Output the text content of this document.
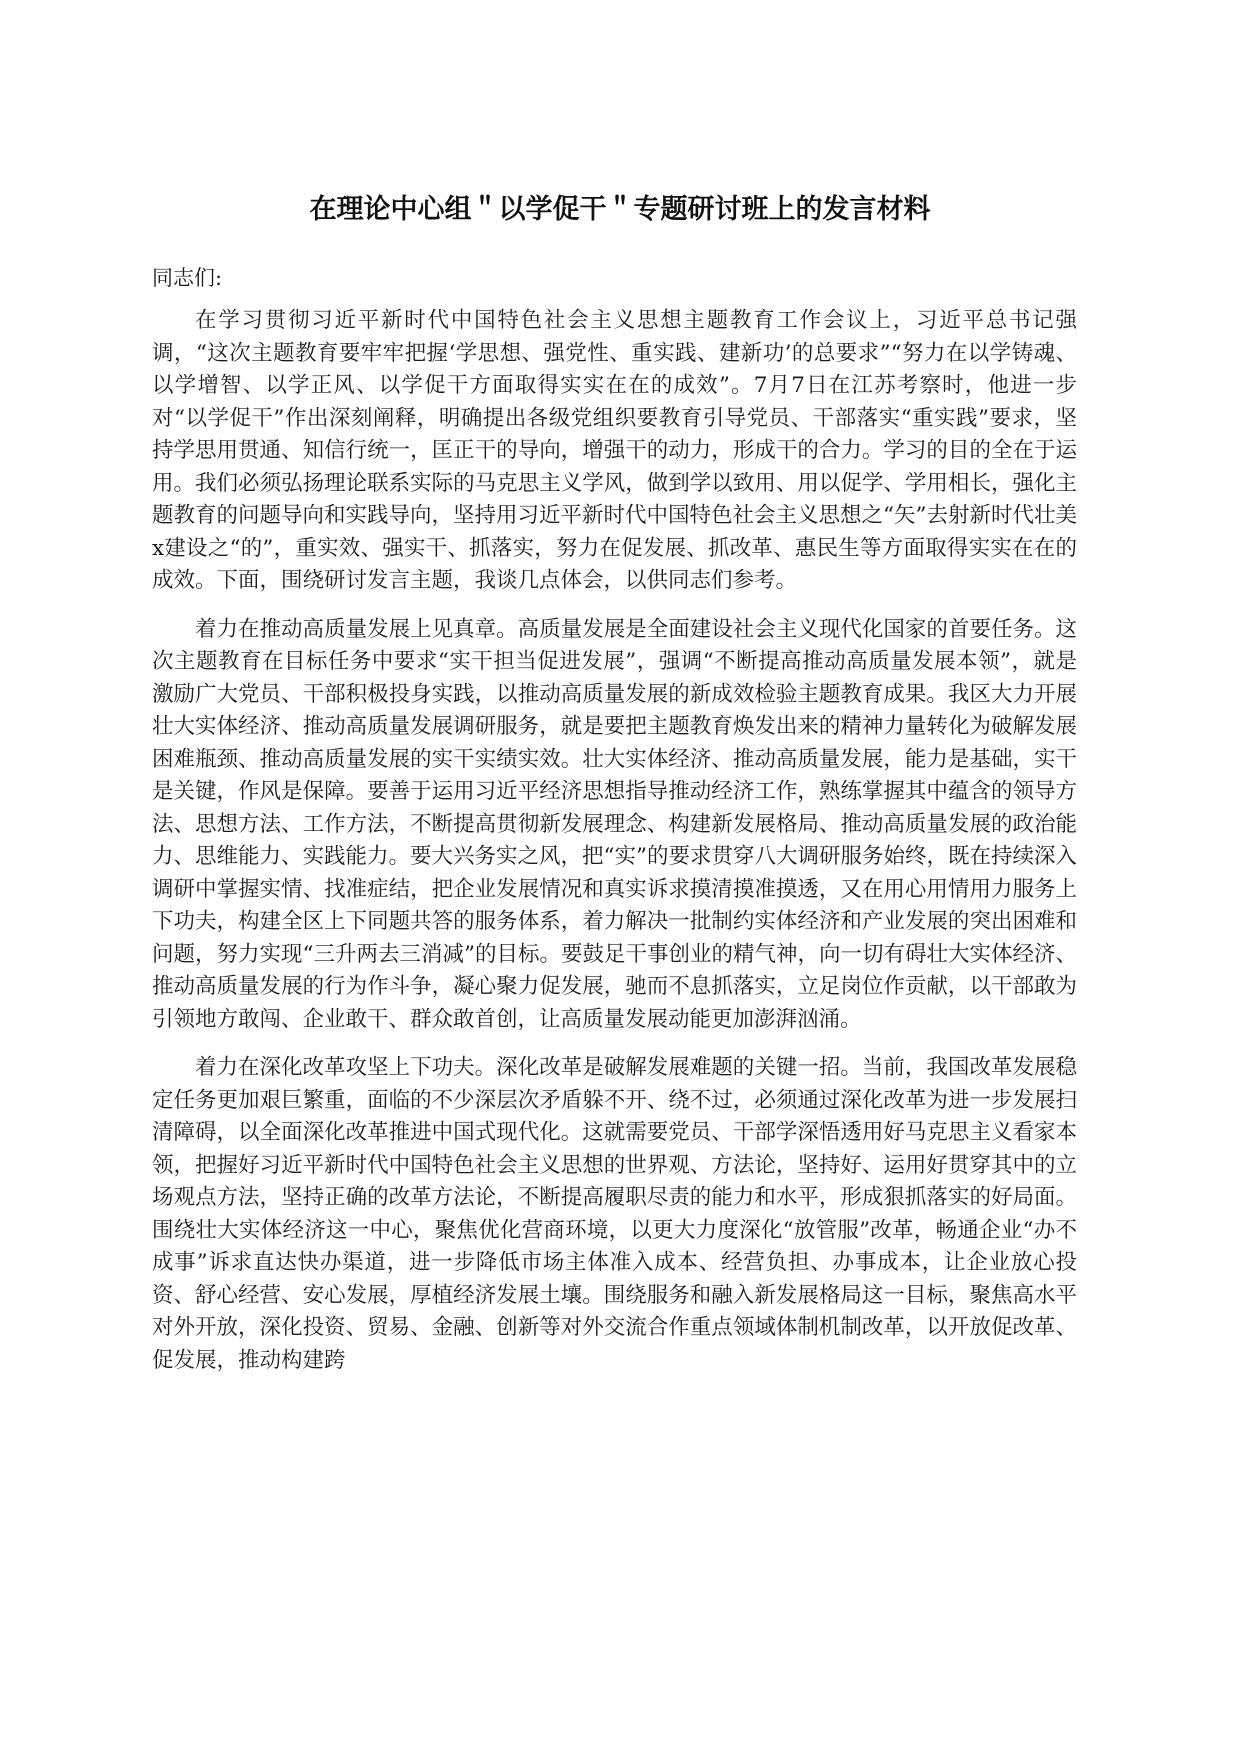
在理论中心组＂以学促干＂专题研讨班上的发言材料

同志们:

在学习贯彻习近平新时代中国特色社会主义思想主题教育工作会议上，习近平总书记强调，“这次主题教育要牢牢把握‘学思想、强党性、重实践、建新功’的总要求”“努力在以学铸魂、以学增智、以学正风、以学促干方面取得实实在在的成效”。7月7日在江苏考察时，他进一步对“以学促干”作出深刻阐释，明确提出各级党组织要教育引导党员、干部落实“重实践”要求，坚持学思用贯通、知信行统一，匡正干的导向，增强干的动力，形成干的合力。学习的目的全在于运用。我们必须弘扬理论联系实际的马克思主义学风，做到学以致用、用以促学、学用相长，强化主题教育的问题导向和实践导向，坚持用习近平新时代中国特色社会主义思想之“矢”去射新时代壮美x建设之“的”，重实效、强实干、抓落实，努力在促发展、抓改革、惠民生等方面取得实实在在的成效。下面，围绕研讨发言主题，我谈几点体会，以供同志们参考。

着力在推动高质量发展上见真章。高质量发展是全面建设社会主义现代化国家的首要任务。这次主题教育在目标任务中要求“实干担当促进发展”，强调“不断提高推动高质量发展本领”，就是激励广大党员、干部积极投身实践，以推动高质量发展的新成效检验主题教育成果。我区大力开展壮大实体经济、推动高质量发展调研服务，就是要把主题教育焕发出来的精神力量转化为破解发展困难瓶颈、推动高质量发展的实干实绩实效。壮大实体经济、推动高质量发展，能力是基础，实干是关键，作风是保障。要善于运用习近平经济思想指导推动经济工作，熟练掌握其中蕴含的领导方法、思想方法、工作方法，不断提高贯彻新发展理念、构建新发展格局、推动高质量发展的政治能力、思维能力、实践能力。要大兴务实之风，把“实”的要求贯穿八大调研服务始终，既在持续深入调研中掌握实情、找准症结，把企业发展情况和真实诉求摸清摸准摸透，又在用心用情用力服务上下功夫，构建全区上下同题共答的服务体系，着力解决一批制约实体经济和产业发展的突出困难和问题，努力实现“三升两去三消减”的目标。要鼓足干事创业的精气神，向一切有碍壮大实体经济、推动高质量发展的行为作斗争，凝心聚力促发展，驰而不息抓落实，立足岗位作贡献，以干部敢为引领地方敢闯、企业敢干、群众敢首创，让高质量发展动能更加澎湃汹涌。

着力在深化改革攻坚上下功夫。深化改革是破解发展难题的关键一招。当前，我国改革发展稳定任务更加艰巨繁重，面临的不少深层次矛盾躲不开、绕不过，必须通过深化改革为进一步发展扫清障碍，以全面深化改革推进中国式现代化。这就需要党员、干部学深悟透用好马克思主义看家本领，把握好习近平新时代中国特色社会主义思想的世界观、方法论，坚持好、运用好贯穿其中的立场观点方法，坚持正确的改革方法论，不断提高履职尽责的能力和水平，形成狠抓落实的好局面。围绕壮大实体经济这一中心，聚焦优化营商环境，以更大力度深化“放管服”改革，畅通企业“办不成事”诉求直达快办渠道，进一步降低市场主体准入成本、经营负担、办事成本，让企业放心投资、舒心经营、安心发展，厚植经济发展土壤。围绕服务和融入新发展格局这一目标，聚焦高水平对外开放，深化投资、贸易、金融、创新等对外交流合作重点领域体制机制改革，以开放促改革、促发展，推动构建跨
